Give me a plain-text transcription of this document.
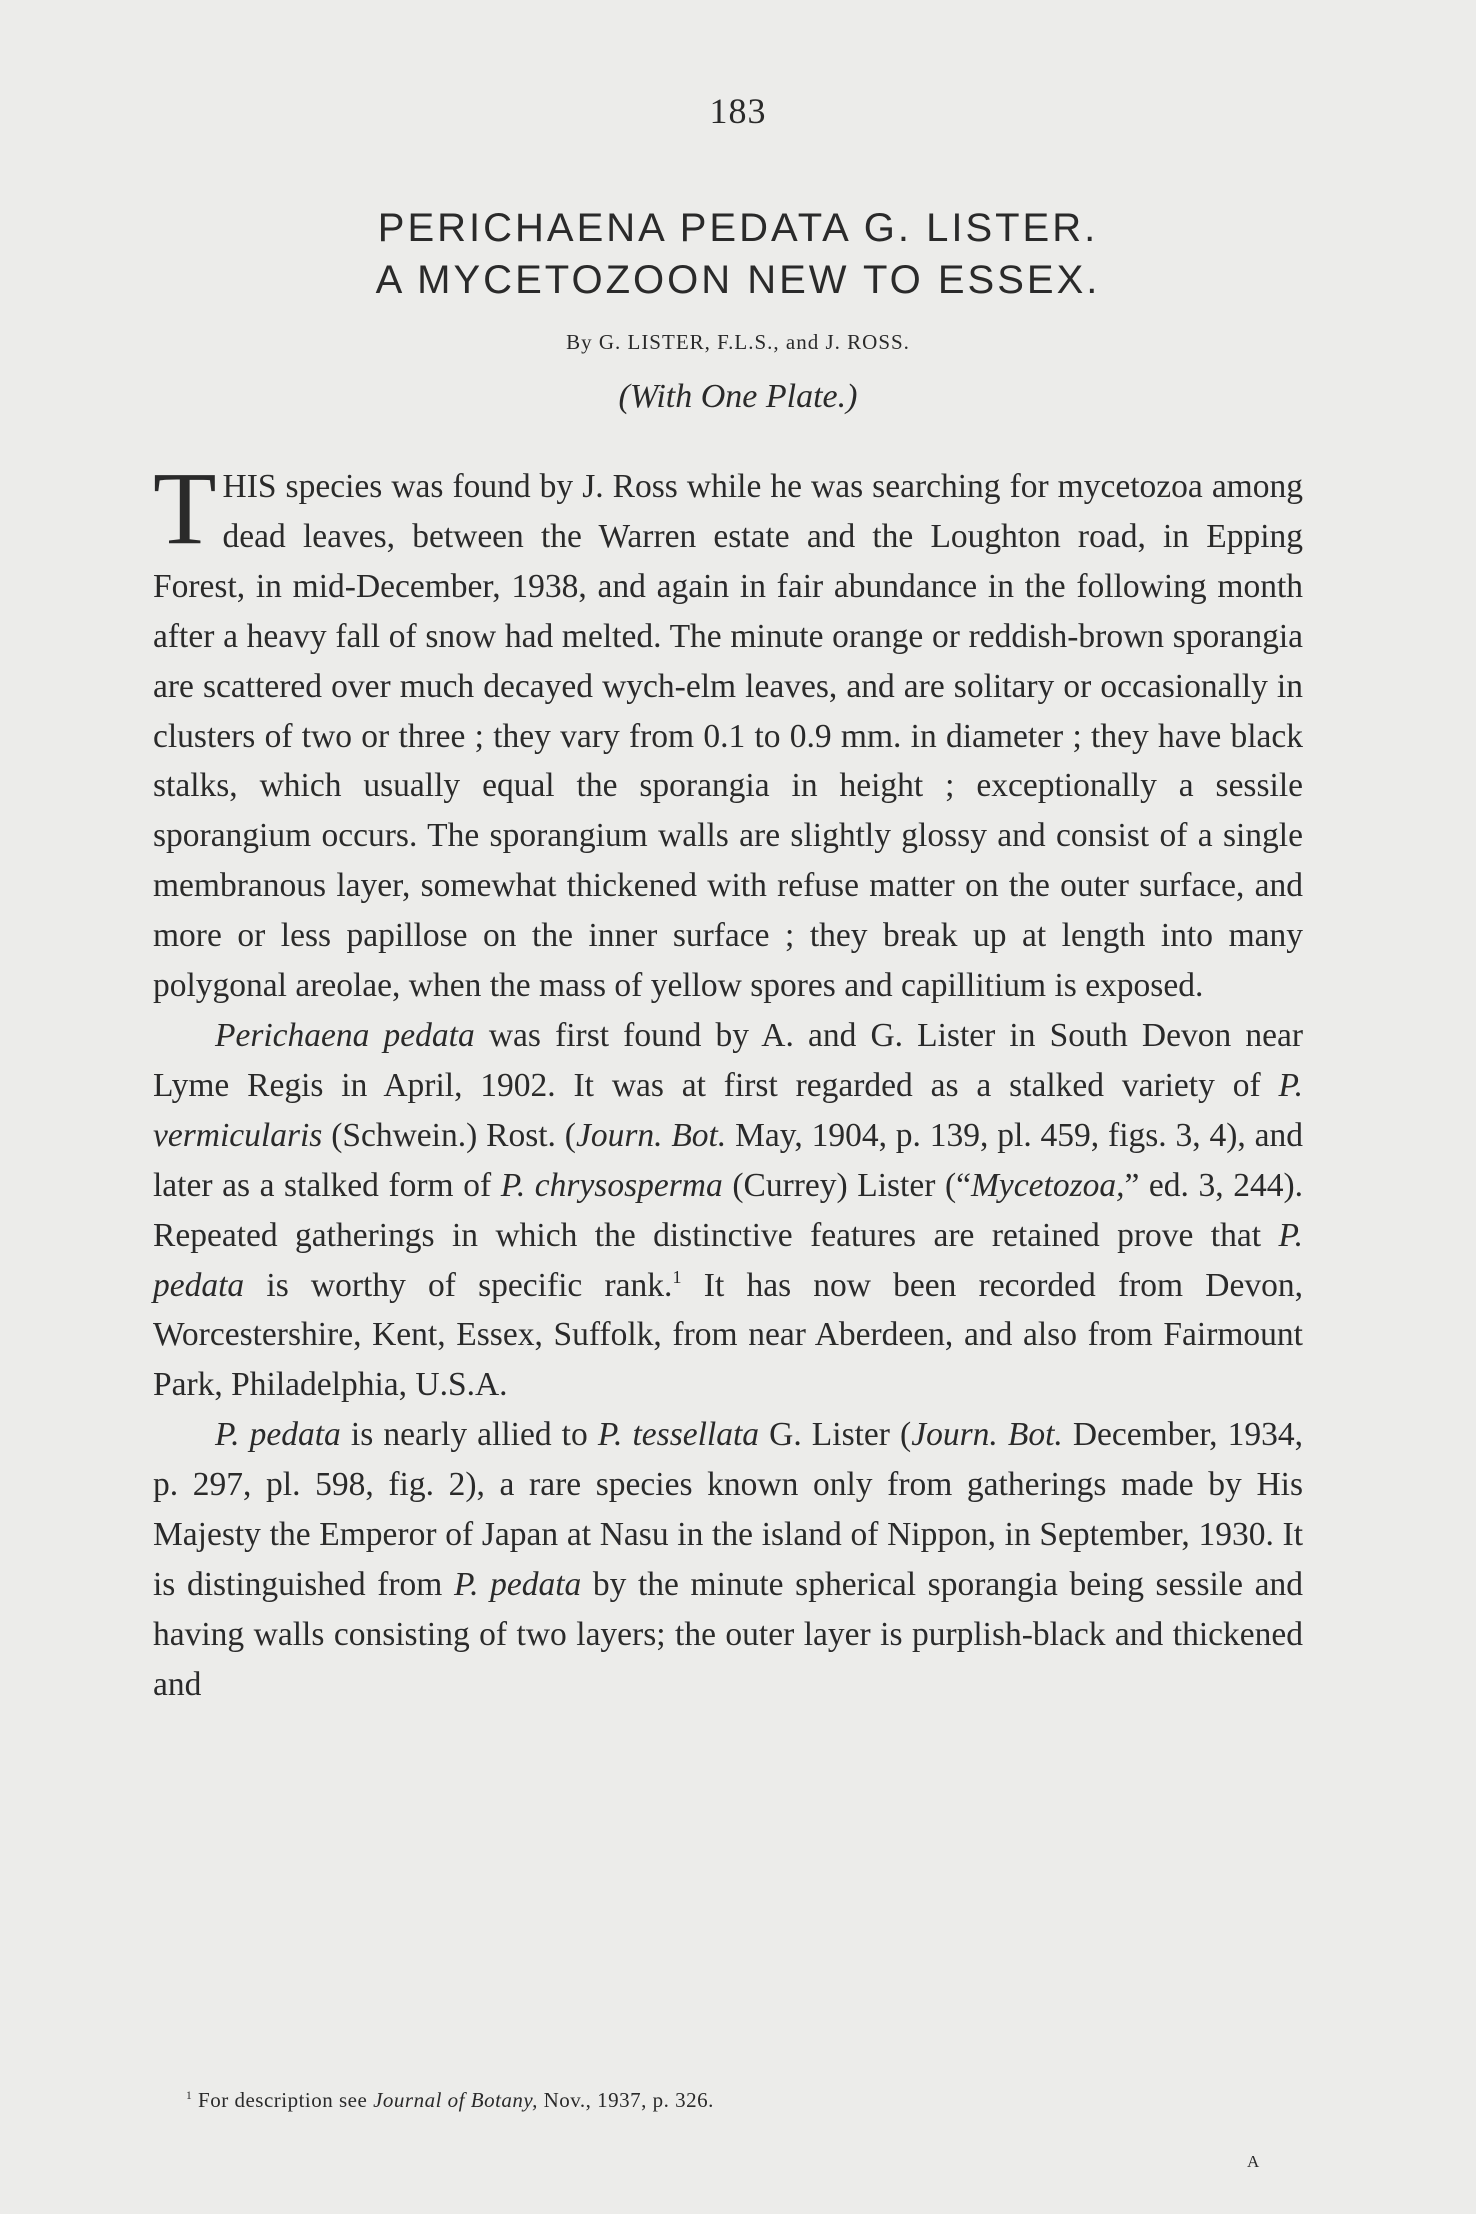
183
PERICHAENA PEDATA G. LISTER.
A MYCETOZOON NEW TO ESSEX.
By G. LISTER, F.L.S., and J. ROSS.
(With One Plate.)

THIS species was found by J. Ross while he was searching for mycetozoa among dead leaves, between the Warren estate and the Loughton road, in Epping Forest, in mid-December, 1938, and again in fair abundance in the following month after a heavy fall of snow had melted. The minute orange or reddish-brown sporangia are scattered over much decayed wych-elm leaves, and are solitary or occasionally in clusters of two or three ; they vary from 0.1 to 0.9 mm. in diameter ; they have black stalks, which usually equal the sporangia in height ; exceptionally a sessile sporangium occurs. The sporangium walls are slightly glossy and consist of a single membranous layer, somewhat thickened with refuse matter on the outer surface, and more or less papillose on the inner surface ; they break up at length into many polygonal areolae, when the mass of yellow spores and capillitium is exposed.

Perichaena pedata was first found by A. and G. Lister in South Devon near Lyme Regis in April, 1902. It was at first regarded as a stalked variety of P. vermicularis (Schwein.) Rost. (Journ. Bot. May, 1904, p. 139, pl. 459, figs. 3, 4), and later as a stalked form of P. chrysosperma (Currey) Lister (“Mycetozoa,” ed. 3, 244). Repeated gatherings in which the distinctive features are retained prove that P. pedata is worthy of specific rank.$^1$ It has now been recorded from Devon, Worcestershire, Kent, Essex, Suffolk, from near Aberdeen, and also from Fairmount Park, Philadelphia, U.S.A.

P. pedata is nearly allied to P. tessellata G. Lister (Journ. Bot. December, 1934, p. 297, pl. 598, fig. 2), a rare species known only from gatherings made by His Majesty the Emperor of Japan at Nasu in the island of Nippon, in September, 1930. It is distinguished from P. pedata by the minute spherical sporangia being sessile and having walls consisting of two layers; the outer layer is purplish-black and thickened and

$^1$ For description see Journal of Botany, Nov., 1937, p. 326.
A
